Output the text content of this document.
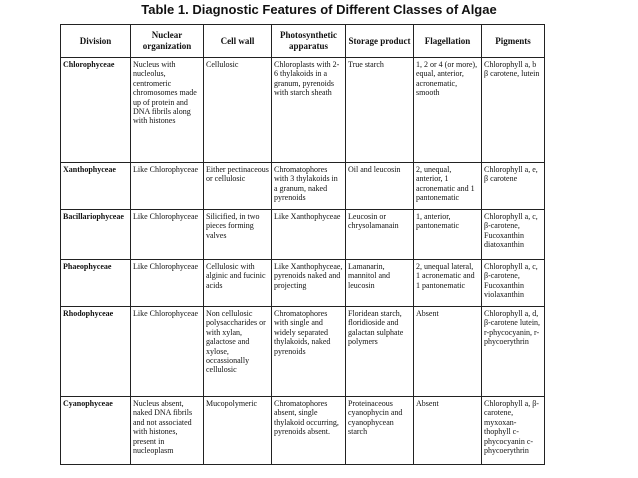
Table 1. Diagnostic Features of Different Classes of Algae
Division	Nuclear organization	Cell wall	Photosynthetic apparatus	Storage product	Flagellation	Pigments
Chlorophyceae	Nucleus with nucleolus, centromeric chromosomes made up of protein and DNA fibrils along with histones	Cellulosic	Chloroplasts with 2-6 thylakoids in a granum, pyrenoids with starch sheath	True starch	1, 2 or 4 (or more), equal, anterior, acronematic, smooth	Chlorophyll a, b β carotene, lutein
Xanthophyceae	Like Chlorophyceae	Either pectinaceous or cellulosic	Chromatophores with 3 thylakoids in a granum, naked pyrenoids	Oil and leucosin	2, unequal, anterior, 1 acronematic and 1 pantonematic	Chlorophyll a, e, β carotene
Bacillariophyceae	Like Chlorophyceae	Silicified, in two pieces forming valves	Like Xanthophyceae	Leucosin or chrysolamanain	1, anterior, pantonematic	Chlorophyll a, c, β-carotene, Fucoxanthin diatoxanthin
Phaeophyceae	Like Chlorophyceae	Cellulosic with alginic and fucinic acids	Like Xanthophyceae, pyrenoids naked and projecting	Lamanarin, mannitol and leucosin	2, unequal lateral, 1 acronematic and 1 pantonematic	Chlorophyll a, c, β-carotene, Fucoxanthin violaxanthin
Rhodophyceae	Like Chlorophyceae	Non cellulosic polysaccharides or with xylan, galactose and xylose, occassionally cellulosic	Chromatophores with single and widely separated thylakoids, naked pyrenoids	Floridean starch, floridioside and galactan sulphate polymers	Absent	Chlorophyll a, d, β-carotene lutein, r-phycocyanin, r-phycoerythrin
Cyanophyceae	Nucleus absent, naked DNA fibrils and not associated with histones, present in nucleoplasm	Mucopolymeric	Chromatophores absent, single thylakoid occurring, pyrenoids absent.	Proteinaceous cyanophycin and cyanophycean starch	Absent	Chlorophyll a, β-carotene, myxoxan-thophyll c-phycocyanin c-phycoerythrin
